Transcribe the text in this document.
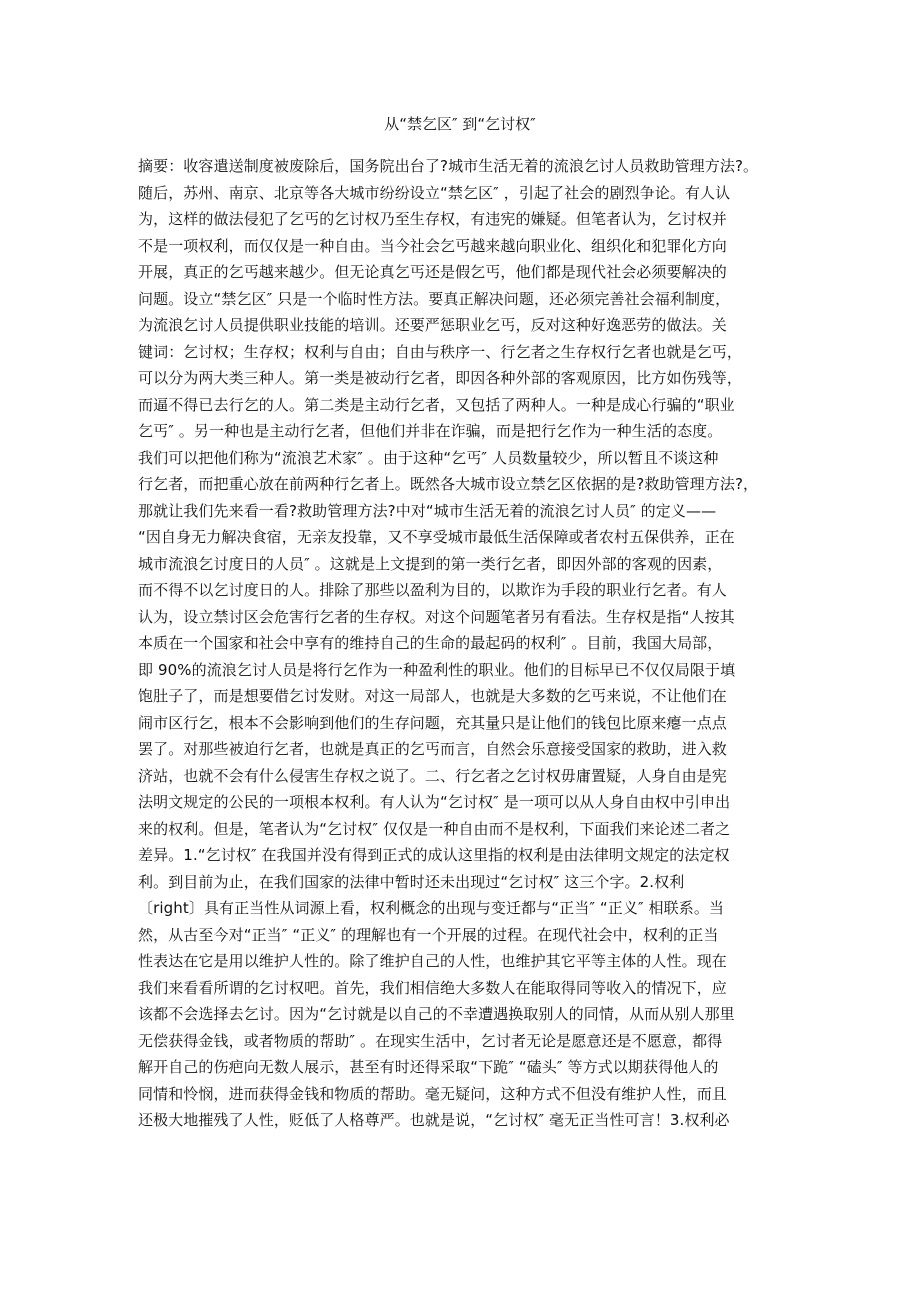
从“禁乞区″ 到“乞讨权″
摘要：收容遣送制度被废除后，国务院出台了?城市生活无着的流浪乞讨人员救助管理方法?。
随后，苏州、南京、北京等各大城市纷纷设立“禁乞区″ ，引起了社会的剧烈争论。有人认
为，这样的做法侵犯了乞丐的乞讨权乃至生存权，有违宪的嫌疑。但笔者认为，乞讨权并
不是一项权利，而仅仅是一种自由。当今社会乞丐越来越向职业化、组织化和犯罪化方向
开展，真正的乞丐越来越少。但无论真乞丐还是假乞丐，他们都是现代社会必须要解决的
问题。设立“禁乞区″ 只是一个临时性方法。要真正解决问题，还必须完善社会福利制度，
为流浪乞讨人员提供职业技能的培训。还要严惩职业乞丐，反对这种好逸恶劳的做法。关
键词：乞讨权；生存权；权利与自由；自由与秩序一、行乞者之生存权行乞者也就是乞丐，
可以分为两大类三种人。第一类是被动行乞者，即因各种外部的客观原因，比方如伤残等，
而逼不得已去行乞的人。第二类是主动行乞者，又包括了两种人。一种是成心行骗的“职业
乞丐″ 。另一种也是主动行乞者，但他们并非在诈骗，而是把行乞作为一种生活的态度。
我们可以把他们称为“流浪艺术家″ 。由于这种“乞丐″ 人员数量较少，所以暂且不谈这种
行乞者，而把重心放在前两种行乞者上。既然各大城市设立禁乞区依据的是?救助管理方法?，
那就让我们先来看一看?救助管理方法?中对“城市生活无着的流浪乞讨人员″ 的定义——
“因自身无力解决食宿，无亲友投靠，又不享受城市最低生活保障或者农村五保供养，正在
城市流浪乞讨度日的人员″ 。这就是上文提到的第一类行乞者，即因外部的客观的因素，
而不得不以乞讨度日的人。排除了那些以盈利为目的，以欺诈为手段的职业行乞者。有人
认为，设立禁讨区会危害行乞者的生存权。对这个问题笔者另有看法。生存权是指“人按其
本质在一个国家和社会中享有的维持自己的生命的最起码的权利″ 。目前，我国大局部，
即 90%的流浪乞讨人员是将行乞作为一种盈利性的职业。他们的目标早已不仅仅局限于填
饱肚子了，而是想要借乞讨发财。对这一局部人，也就是大多数的乞丐来说，不让他们在
闹市区行乞，根本不会影响到他们的生存问题，充其量只是让他们的钱包比原来瘪一点点
罢了。对那些被迫行乞者，也就是真正的乞丐而言，自然会乐意接受国家的救助，进入救
济站，也就不会有什么侵害生存权之说了。二、行乞者之乞讨权毋庸置疑，人身自由是宪
法明文规定的公民的一项根本权利。有人认为“乞讨权″ 是一项可以从人身自由权中引申出
来的权利。但是，笔者认为“乞讨权″ 仅仅是一种自由而不是权利，下面我们来论述二者之
差异。1.“乞讨权″ 在我国并没有得到正式的成认这里指的权利是由法律明文规定的法定权
利。到目前为止，在我们国家的法律中暂时还未出现过“乞讨权″ 这三个字。2.权利
〔right〕具有正当性从词源上看，权利概念的出现与变迁都与“正当″ “正义″ 相联系。当
然，从古至今对“正当″ “正义″ 的理解也有一个开展的过程。在现代社会中，权利的正当
性表达在它是用以维护人性的。除了维护自己的人性，也维护其它平等主体的人性。现在
我们来看看所谓的乞讨权吧。首先，我们相信绝大多数人在能取得同等收入的情况下，应
该都不会选择去乞讨。因为“乞讨就是以自己的不幸遭遇换取别人的同情，从而从别人那里
无偿获得金钱，或者物质的帮助″ 。在现实生活中，乞讨者无论是愿意还是不愿意，都得
解开自己的伤疤向无数人展示，甚至有时还得采取“下跪″ “磕头″ 等方式以期获得他人的
同情和怜悯，进而获得金钱和物质的帮助。毫无疑问，这种方式不但没有维护人性，而且
还极大地摧残了人性，贬低了人格尊严。也就是说，“乞讨权″ 毫无正当性可言！3.权利必
